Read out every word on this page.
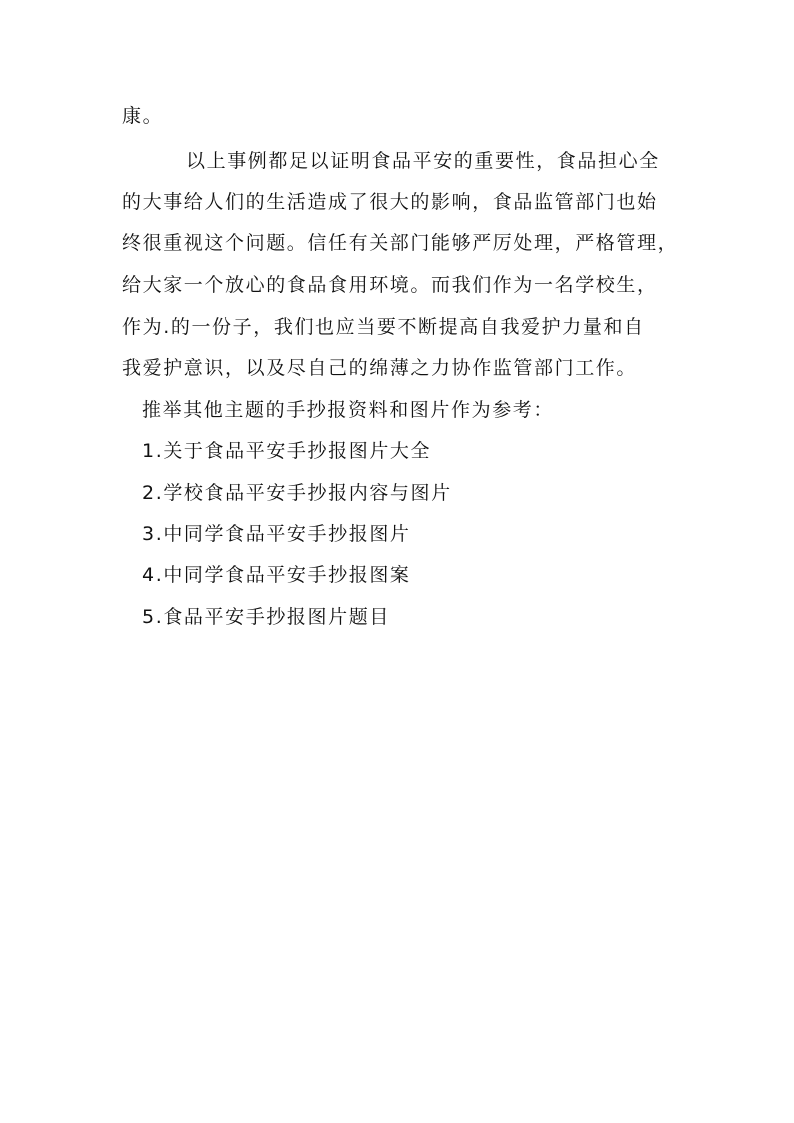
康。
以上事例都足以证明食品平安的重要性，食品担心全
的大事给人们的生活造成了很大的影响，食品监管部门也始
终很重视这个问题。信任有关部门能够严厉处理，严格管理，
给大家一个放心的食品食用环境。而我们作为一名学校生，
作为.的一份子，我们也应当要不断提高自我爱护力量和自
我爱护意识，以及尽自己的绵薄之力协作监管部门工作。
推举其他主题的手抄报资料和图片作为参考：
1.关于食品平安手抄报图片大全
2.学校食品平安手抄报内容与图片
3.中同学食品平安手抄报图片
4.中同学食品平安手抄报图案
5.食品平安手抄报图片题目
